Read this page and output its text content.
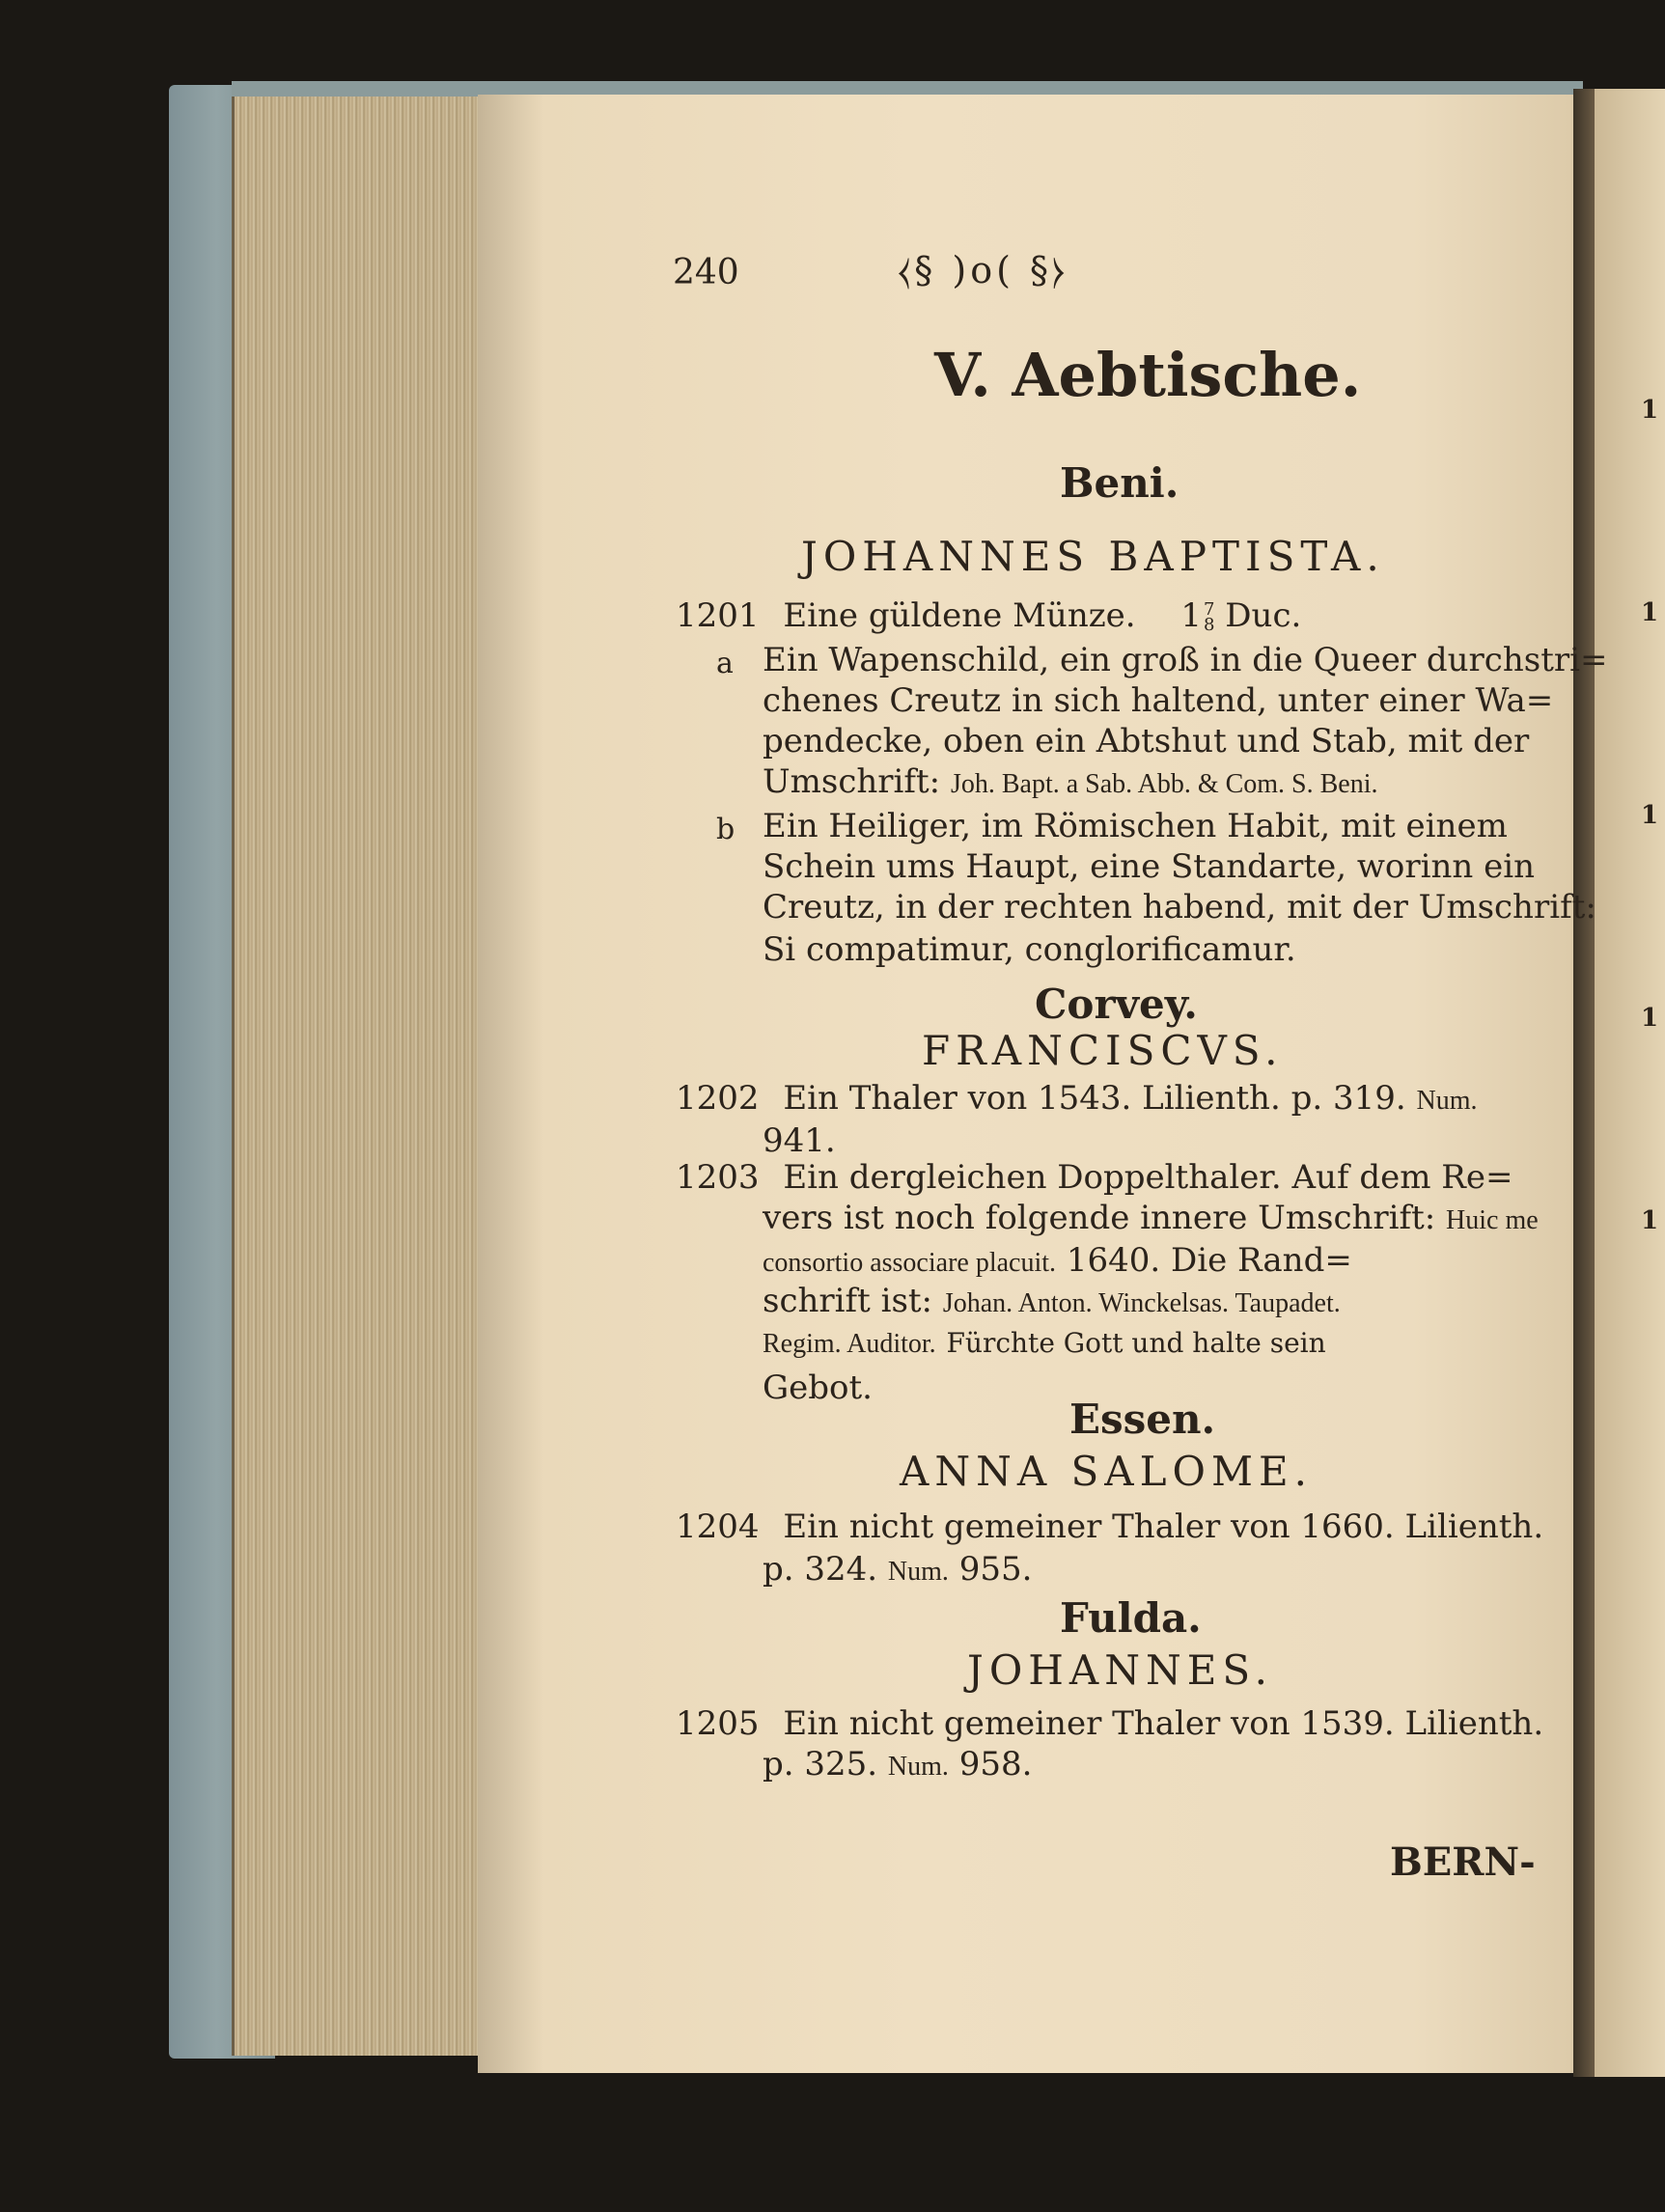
1
1
1
1
1

240	⧼§ )o( §⧽

V. Aebtische.

Beni.

JOHANNES BAPTISTA.

1201 Eine güldene Münze. 1 7
8 Duc.

a Ein Wapenschild, ein groß in die Queer durchstri=

chenes Creutz in sich haltend, unter einer Wa=

pendecke, oben ein Abtshut und Stab, mit der

Umschrift: Joh. Bapt. a Sab. Abb. & Com. S. Beni.

b Ein Heiliger, im Römischen Habit, mit einem

Schein ums Haupt, eine Standarte, worinn ein

Creutz, in der rechten habend, mit der Umschrift:

Si compatimur, conglorificamur.

Corvey.

FRANCISCVS.

1202 Ein Thaler von 1543. Lilienth. p. 319. Num.

941.

1203 Ein dergleichen Doppelthaler. Auf dem Re=

vers ist noch folgende innere Umschrift: Huic me

consortio associare placuit. 1640. Die Rand=

schrift ist: Johan. Anton. Winckelsas. Taupadet.

Regim. Auditor. Fürchte Gott und halte sein

Gebot.

Essen.

ANNA SALOME.

1204 Ein nicht gemeiner Thaler von 1660. Lilienth.

p. 324. Num. 955.

Fulda.

JOHANNES.

1205 Ein nicht gemeiner Thaler von 1539. Lilienth.

p. 325. Num. 958.

BERN-
